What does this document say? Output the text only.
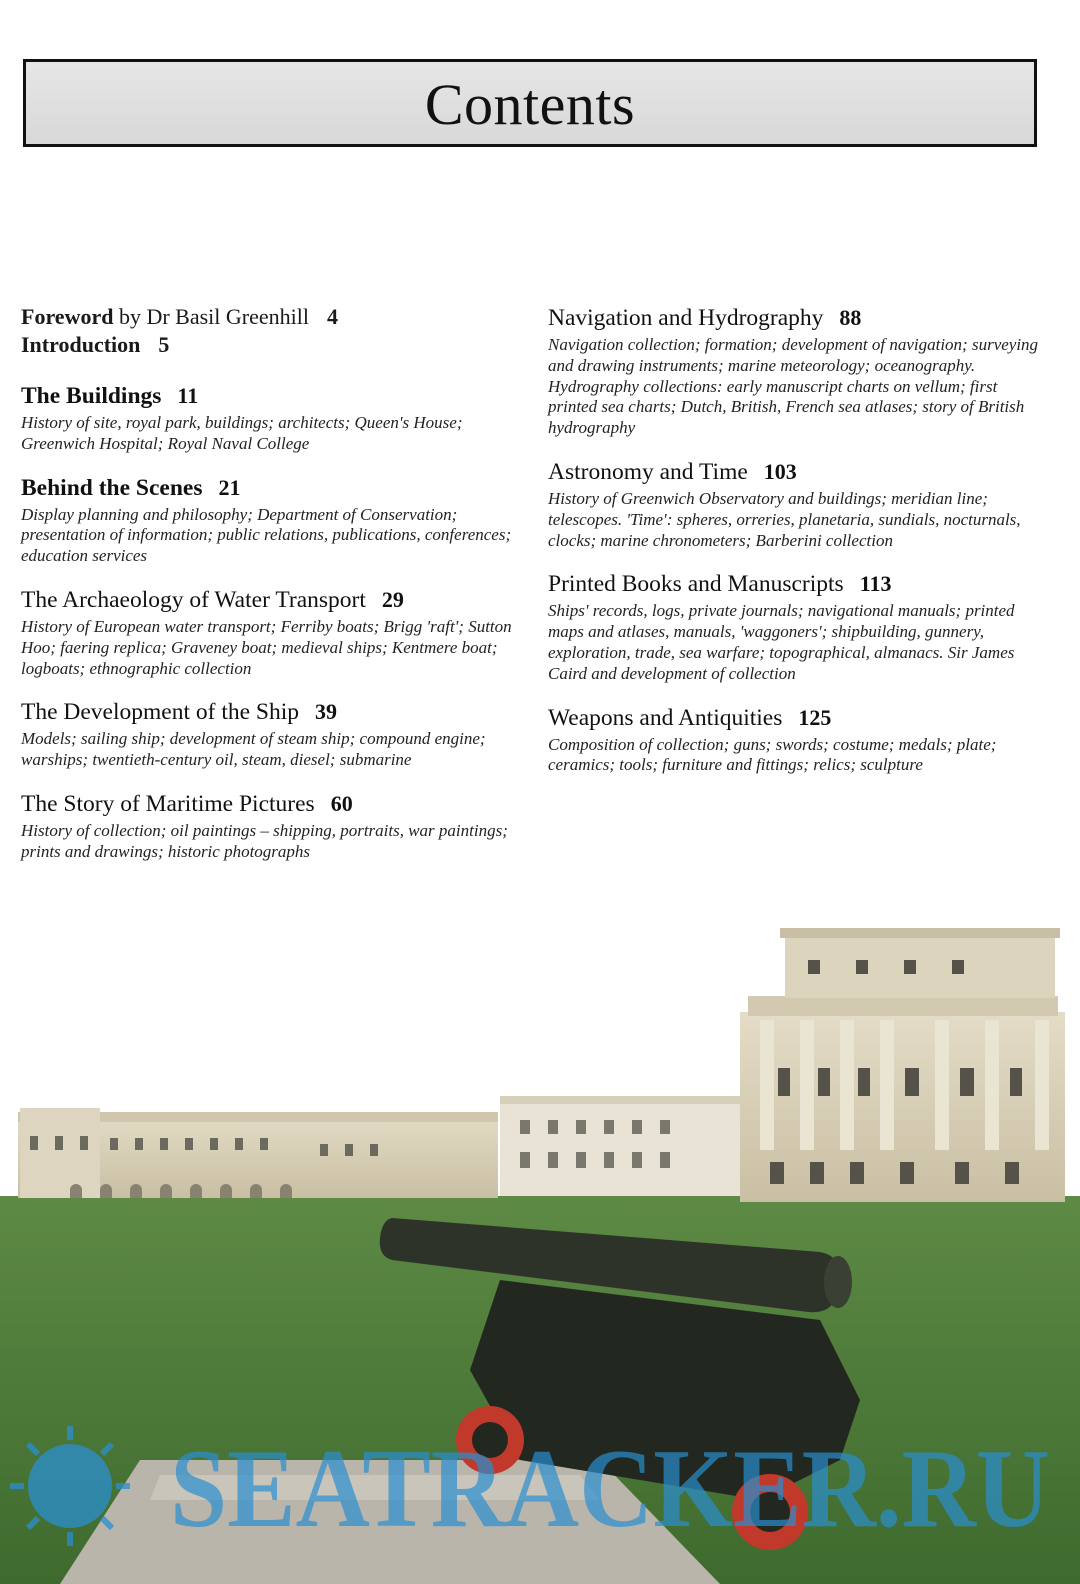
Contents
Foreword by Dr Basil Greenhill 4
Introduction 5
The Buildings 11

History of site, royal park, buildings; architects; Queen's House; Greenwich Hospital; Royal Naval College

Behind the Scenes 21

Display planning and philosophy; Department of Conservation; presentation of information; public relations, publications, conferences; education services

The Archaeology of Water Transport 29

History of European water transport; Ferriby boats; Brigg 'raft'; Sutton Hoo; faering replica; Graveney boat; medieval ships; Kentmere boat; logboats; ethnographic collection

The Development of the Ship 39

Models; sailing ship; development of steam ship; compound engine; warships; twentieth-century oil, steam, diesel; submarine

The Story of Maritime Pictures 60

History of collection; oil paintings – shipping, portraits, war paintings; prints and drawings; historic photographs

Navigation and Hydrography 88

Navigation collection; formation; development of navigation; surveying and drawing instruments; marine meteorology; oceanography. Hydrography collections: early manuscript charts on vellum; first printed sea charts; Dutch, British, French sea atlases; story of British hydrography

Astronomy and Time 103

History of Greenwich Observatory and buildings; meridian line; telescopes. 'Time': spheres, orreries, planetaria, sundials, nocturnals, clocks; marine chronometers; Barberini collection

Printed Books and Manuscripts 113

Ships' records, logs, private journals; navigational manuals; printed maps and atlases, manuals, 'waggoners'; shipbuilding, gunnery, exploration, trade, sea warfare; topographical, almanacs. Sir James Caird and development of collection

Weapons and Antiquities 125

Composition of collection; guns; swords; costume; medals; plate; ceramics; tools; furniture and fittings; relics; sculpture

SEATRACKER.RU
